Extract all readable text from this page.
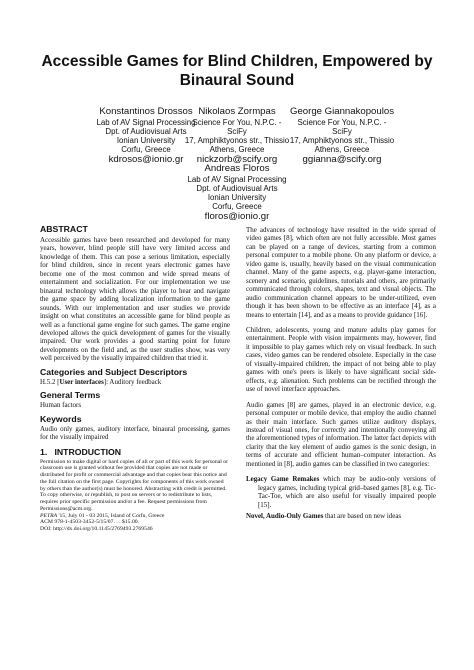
Accessible Games for Blind Children, Empowered by Binaural Sound
Konstantinos Drossos
Lab of AV Signal Processing
Dpt. of Audiovisual Arts
Ionian University
Corfu, Greece
kdrosos@ionio.gr
Nikolaos Zormpas
Science For You, N.P.C. -
SciFy
17, Amphiktyonos str., Thissio
Athens, Greece
nickzorb@scify.org
George Giannakopoulos
Science For You, N.P.C. -
SciFy
17, Amphiktyonos str., Thissio
Athens, Greece
ggianna@scify.org
Andreas Floros
Lab of AV Signal Processing
Dpt. of Audiovisual Arts
Ionian University
Corfu, Greece
floros@ionio.gr
ABSTRACT

Accessible games have been researched and developed for many years, however, blind people still have very limited access and knowledge of them. This can pose a serious limitation, especially for blind children, since in recent years electronic games have become one of the most common and wide spread means of entertainment and socialization. For our implementation we use binaural technology which allows the player to hear and navigate the game space by adding localization information to the game sounds. With our implementation and user studies we provide insight on what constitutes an accessible game for blind people as well as a functional game engine for such games. The game engine developed allows the quick development of games for the visually impaired. Our work provides a good starting point for future developments on the field and, as the user studies show, was very well perceived by the visually impaired children that tried it.

Categories and Subject Descriptors

H.5.2 [User interfaces]: Auditory feedback

General Terms

Human factors

Keywords

Audio only games, auditory interface, binaural processing, games for the visually impaired

1.   INTRODUCTION

Permission to make digital or hard copies of all or part of this work for personal or classroom use is granted without fee provided that copies are not made or distributed for profit or commercial advantage and that copies bear this notice and the full citation on the first page. Copyrights for components of this work owned by others than the author(s) must be honored. Abstracting with credit is permitted. To copy otherwise, or republish, to post on servers or to redistribute to lists, requires prior specific permission and/or a fee. Request permissions from Permissions@acm.org.

PETRA '15, July 01 - 03 2015, Island of Corfu, Greece

ACM 978-1-4503-3452-5/15/07. . . $15.00.

DOI: http://dx.doi.org/10.1145/2769493.2769546

The advances of technology have resulted in the wide spread of video games [8], which often are not fully accessible. Most games can be played on a range of devices, starting from a common personal computer to a mobile phone. On any platform or device, a video game is, usually, heavily based on the visual communication channel. Many of the game aspects, e.g. player-game interaction, scenery and scenario, guidelines, tutorials and others, are primarily communicated through colors, shapes, text and visual objects. The audio communication channel appears to be under-utilized, even though it has been shown to be effective as an interface [4], as a means to entertain [14], and as a means to provide guidance [16].

Children, adolescents, young and mature adults play games for entertainment. People with vision impairments may, however, find it impossible to play games which rely on visual feedback. In such cases, video games can be rendered obsolete. Especially in the case of visually-impaired children, the impact of not being able to play games with one's peers is likely to have significant social side-effects, e.g. alienation. Such problems can be rectified through the use of novel interface approaches.

Audio games [8] are games, played in an electronic device, e.g. personal computer or mobile device, that employ the audio channel as their main interface. Such games utilize auditory displays, instead of visual ones, for correctly and intentionally conveying all the aforementioned types of information. The latter fact depicts with clarity that the key element of audio games is the sonic design, in terms of accurate and efficient human–computer interaction. As mentioned in [8], audio games can be classified in two categories:

Legacy Game Remakes which may be audio-only versions of legacy games, including typical grid–based games [8], e.g. Tic-Tac-Toe, which are also useful for visually impaired people [15].

Novel, Audio-Only Games that are based on new ideas
